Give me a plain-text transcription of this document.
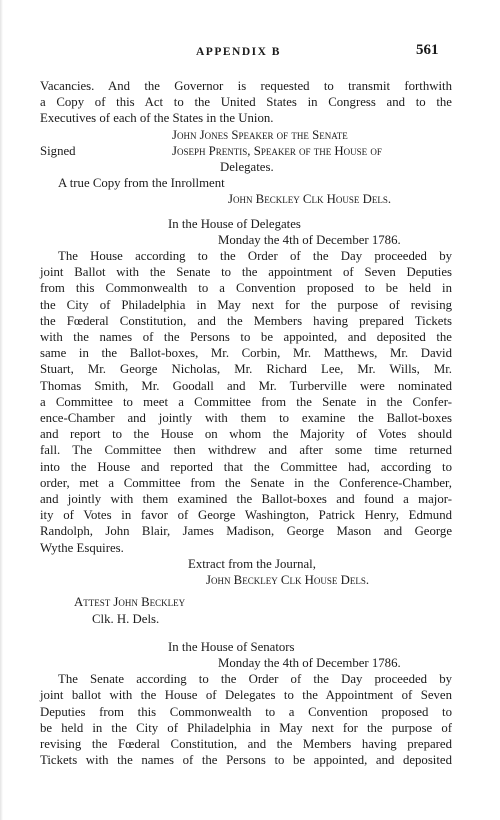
APPENDIX B	561

Vacancies. And the Governor is requested to transmit forthwith

a Copy of this Act to the United States in Congress and to the

Executives of each of the States in the Union.

John Jones Speaker of the Senate

Signed	Joseph Prentis, Speaker of the House of

Delegates.

A true Copy from the Inrollment

John Beckley Clk House Dels.

In the House of Delegates

Monday the 4th of December 1786.

The House according to the Order of the Day proceeded by

joint Ballot with the Senate to the appointment of Seven Deputies

from this Commonwealth to a Convention proposed to be held in

the City of Philadelphia in May next for the purpose of revising

the Fœderal Constitution, and the Members having prepared Tickets

with the names of the Persons to be appointed, and deposited the

same in the Ballot-boxes, Mr. Corbin, Mr. Matthews, Mr. David

Stuart, Mr. George Nicholas, Mr. Richard Lee, Mr. Wills, Mr.

Thomas Smith, Mr. Goodall and Mr. Turberville were nominated

a Committee to meet a Committee from the Senate in the Confer-

ence-Chamber and jointly with them to examine the Ballot-boxes

and report to the House on whom the Majority of Votes should

fall. The Committee then withdrew and after some time returned

into the House and reported that the Committee had, according to

order, met a Committee from the Senate in the Conference-Chamber,

and jointly with them examined the Ballot-boxes and found a major-

ity of Votes in favor of George Washington, Patrick Henry, Edmund

Randolph, John Blair, James Madison, George Mason and George

Wythe Esquires.

Extract from the Journal,

John Beckley Clk House Dels.

Attest John Beckley

Clk. H. Dels.

In the House of Senators

Monday the 4th of December 1786.

The Senate according to the Order of the Day proceeded by

joint ballot with the House of Delegates to the Appointment of Seven

Deputies from this Commonwealth to a Convention proposed to

be held in the City of Philadelphia in May next for the purpose of

revising the Fœderal Constitution, and the Members having prepared

Tickets with the names of the Persons to be appointed, and deposited
